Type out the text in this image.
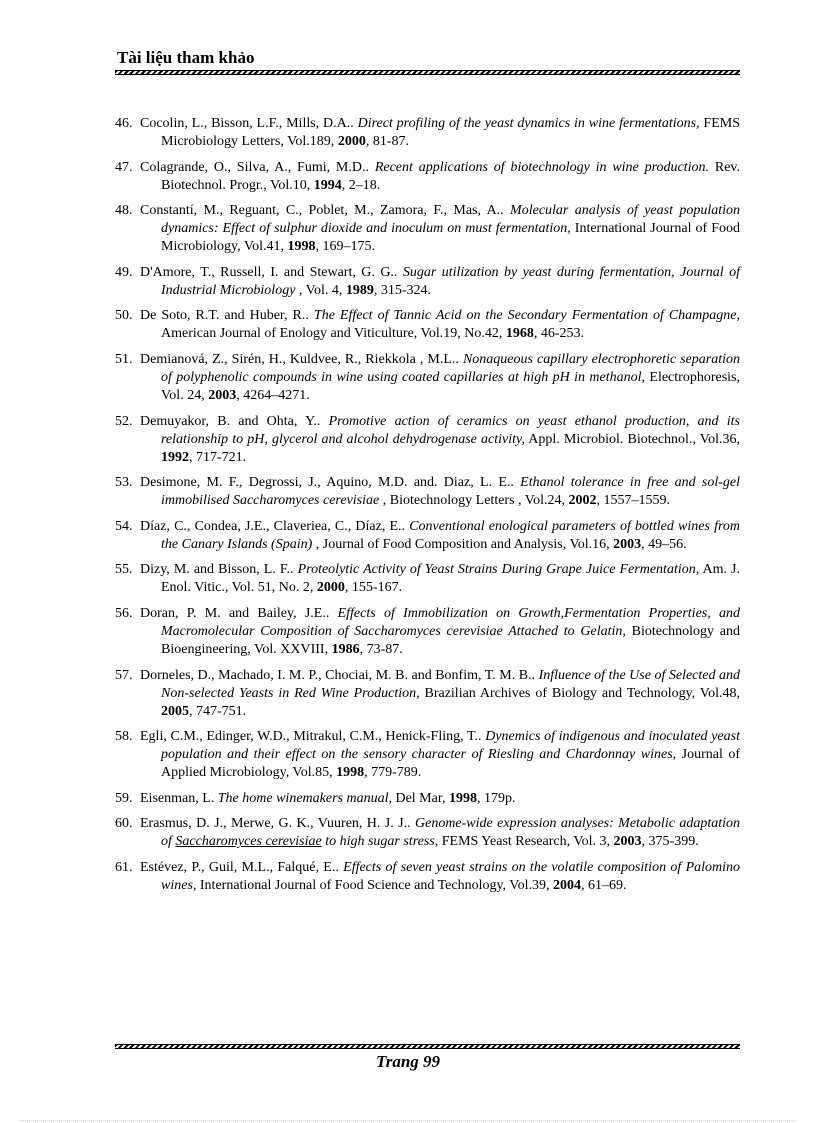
Tài liệu tham khảo
46. Cocolin, L., Bisson, L.F., Mills, D.A.. Direct profiling of the yeast dynamics in wine fermentations, FEMS Microbiology Letters, Vol.189, 2000, 81-87.
47. Colagrande, O., Silva, A., Fumi, M.D.. Recent applications of biotechnology in wine production. Rev. Biotechnol. Progr., Vol.10, 1994, 2–18.
48. Constantí, M., Reguant, C., Poblet, M., Zamora, F., Mas, A.. Molecular analysis of yeast population dynamics: Effect of sulphur dioxide and inoculum on must fermentation, International Journal of Food Microbiology, Vol.41, 1998, 169–175.
49. D'Amore, T., Russell, I. and Stewart, G. G.. Sugar utilization by yeast during fermentation, Journal of Industrial Microbiology , Vol. 4, 1989, 315-324.
50. De Soto, R.T. and Huber, R.. The Effect of Tannic Acid on the Secondary Fermentation of Champagne, American Journal of Enology and Viticulture, Vol.19, No.42, 1968, 46-253.
51. Demianová, Z., Sirén, H., Kuldvee, R., Riekkola , M.L.. Nonaqueous capillary electrophoretic separation of polyphenolic compounds in wine using coated capillaries at high pH in methanol, Electrophoresis, Vol. 24, 2003, 4264–4271.
52. Demuyakor, B. and Ohta, Y.. Promotive action of ceramics on yeast ethanol production, and its relationship to pH, glycerol and alcohol dehydrogenase activity, Appl. Microbiol. Biotechnol., Vol.36, 1992, 717-721.
53. Desimone, M. F., Degrossi, J., Aquino, M.D. and. Diaz, L. E.. Ethanol tolerance in free and sol-gel immobilised Saccharomyces cerevisiae , Biotechnology Letters , Vol.24, 2002, 1557–1559.
54. Díaz, C., Condea, J.E., Claveriea, C., Díaz, E.. Conventional enological parameters of bottled wines from the Canary Islands (Spain) , Journal of Food Composition and Analysis, Vol.16, 2003, 49–56.
55. Dizy, M. and Bisson, L. F.. Proteolytic Activity of Yeast Strains During Grape Juice Fermentation, Am. J. Enol. Vitic., Vol. 51, No. 2, 2000, 155-167.
56. Doran, P. M. and Bailey, J.E.. Effects of Immobilization on Growth,Fermentation Properties, and Macromolecular Composition of Saccharomyces cerevisiae Attached to Gelatin, Biotechnology and Bioengineering, Vol. XXVIII, 1986, 73-87.
57. Dorneles, D., Machado, I. M. P., Chociai, M. B. and Bonfim, T. M. B.. Influence of the Use of Selected and Non-selected Yeasts in Red Wine Production, Brazilian Archives of Biology and Technology, Vol.48, 2005, 747-751.
58. Egli, C.M., Edinger, W.D., Mitrakul, C.M., Henick-Fling, T.. Dynemics of indigenous and inoculated yeast population and their effect on the sensory character of Riesling and Chardonnay wines, Journal of Applied Microbiology, Vol.85, 1998, 779-789.
59. Eisenman, L. The home winemakers manual, Del Mar, 1998, 179p.
60. Erasmus, D. J., Merwe, G. K., Vuuren, H. J. J.. Genome-wide expression analyses: Metabolic adaptation of Saccharomyces cerevisiae to high sugar stress, FEMS Yeast Research, Vol. 3, 2003, 375-399.
61. Estévez, P., Guil, M.L., Falqué, E.. Effects of seven yeast strains on the volatile composition of Palomino wines, International Journal of Food Science and Technology, Vol.39, 2004, 61–69.
Trang 99
